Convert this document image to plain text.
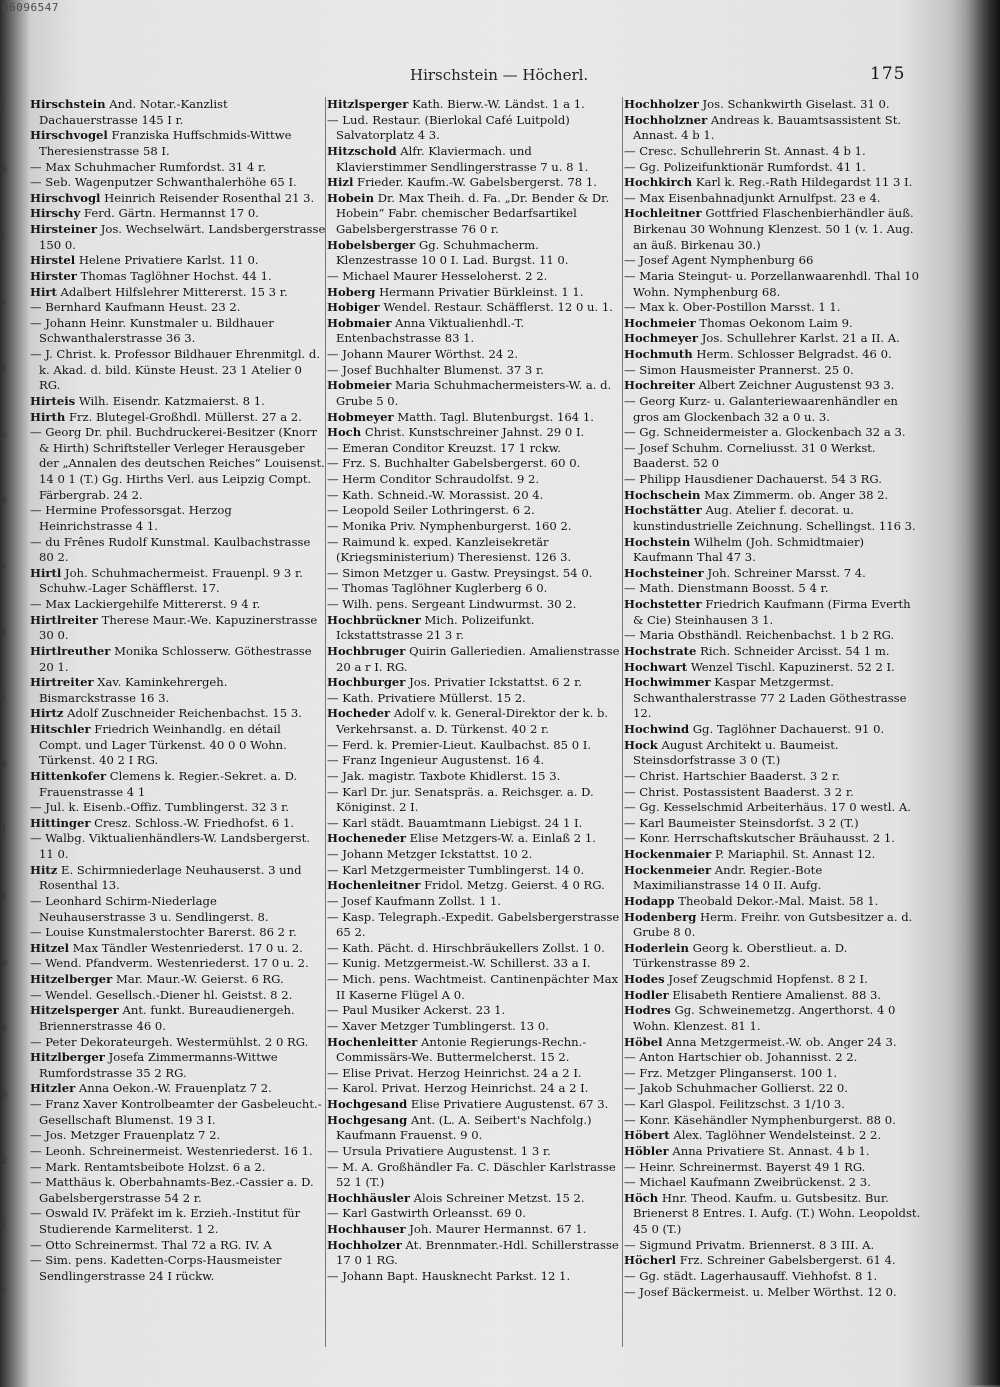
06096547
Hirschstein — Höcherl.	175
(
8
i
v
1
u
8
v
1
1
8
1
1
p
8
8
2
1
7

Hirschstein And. Notar.-Kanzlist Dachauerstrasse 145 I r.

Hirschvogel Franziska Huffschmids-Wittwe Theresienstrasse 58 I.

— Max Schuhmacher Rumfordst. 31 4 r.

— Seb. Wagenputzer Schwanthalerhöhe 65 I.

Hirschvogl Heinrich Reisender Rosenthal 21 3.

Hirschy Ferd. Gärtn. Hermannst 17 0.

Hirsteiner Jos. Wechselwärt. Landsbergerstrasse 150 0.

Hirstel Helene Privatiere Karlst. 11 0.

Hirster Thomas Taglöhner Hochst. 44 1.

Hirt Adalbert Hilfslehrer Mittererst. 15 3 r.

— Bernhard Kaufmann Heust. 23 2.

— Johann Heinr. Kunstmaler u. Bildhauer Schwanthalerstrasse 36 3.

— J. Christ. k. Professor Bildhauer Ehrenmitgl. d. k. Akad. d. bild. Künste Heust. 23 1 Atelier 0 RG.

Hirteis Wilh. Eisendr. Katzmaierst. 8 1.

Hirth Frz. Blutegel-Großhdl. Müllerst. 27 a 2.

— Georg Dr. phil. Buchdruckerei-Besitzer (Knorr & Hirth) Schriftsteller Verleger Herausgeber der „Annalen des deutschen Reiches“ Louisenst. 14 0 1 (T.) Gg. Hirths Verl. aus Leipzig Compt. Färbergrab. 24 2.

— Hermine Professorsgat. Herzog Heinrichstrasse 4 1.

— du Frênes Rudolf Kunstmal. Kaulbachstrasse 80 2.

Hirtl Joh. Schuhmachermeist. Frauenpl. 9 3 r. Schuhw.-Lager Schäfflerst. 17.

— Max Lackiergehilfe Mittererst. 9 4 r.

Hirtlreiter Therese Maur.-We. Kapuzinerstrasse 30 0.

Hirtlreuther Monika Schlosserw. Göthestrasse 20 1.

Hirtreiter Xav. Kaminkehrergeh. Bismarckstrasse 16 3.

Hirtz Adolf Zuschneider Reichenbachst. 15 3.

Hitschler Friedrich Weinhandlg. en détail Compt. und Lager Türkenst. 40 0 0 Wohn. Türkenst. 40 2 I RG.

Hittenkofer Clemens k. Regier.-Sekret. a. D. Frauenstrasse 4 1

— Jul. k. Eisenb.-Offiz. Tumblingerst. 32 3 r.

Hittinger Cresz. Schloss.-W. Friedhofst. 6 1.

— Walbg. Viktualienhändlers-W. Landsbergerst. 11 0.

Hitz E. Schirmniederlage Neuhauserst. 3 und Rosenthal 13.

— Leonhard Schirm-Niederlage Neuhauserstrasse 3 u. Sendlingerst. 8.

— Louise Kunstmalerstochter Barerst. 86 2 r.

Hitzel Max Tändler Westenriederst. 17 0 u. 2.

— Wend. Pfandverm. Westenriederst. 17 0 u. 2.

Hitzelberger Mar. Maur.-W. Geierst. 6 RG.

— Wendel. Gesellsch.-Diener hl. Geistst. 8 2.

Hitzelsperger Ant. funkt. Bureaudienergeh. Briennerstrasse 46 0.

— Peter Dekorateurgeh. Westermühlst. 2 0 RG.

Hitzlberger Josefa Zimmermanns-Wittwe Rumfordstrasse 35 2 RG.

Hitzler Anna Oekon.-W. Frauenplatz 7 2.

— Franz Xaver Kontrolbeamter der Gasbeleucht.-Gesellschaft Blumenst. 19 3 I.

— Jos. Metzger Frauenplatz 7 2.

— Leonh. Schreinermeist. Westenriederst. 16 1.

— Mark. Rentamtsbeibote Holzst. 6 a 2.

— Matthäus k. Oberbahnamts-Bez.-Cassier a. D. Gabelsbergerstrasse 54 2 r.

— Oswald IV. Präfekt im k. Erzieh.-Institut für Studierende Karmeliterst. 1 2.

— Otto Schreinermst. Thal 72 a RG. IV. A

— Sim. pens. Kadetten-Corps-Hausmeister Sendlingerstrasse 24 I rückw.

Hitzlsperger Kath. Bierw.-W. Ländst. 1 a 1.

— Lud. Restaur. (Bierlokal Café Luitpold) Salvatorplatz 4 3.

Hitzschold Alfr. Klaviermach. und Klavierstimmer Sendlingerstrasse 7 u. 8 1.

Hizl Frieder. Kaufm.-W. Gabelsbergerst. 78 1.

Hobein Dr. Max Theih. d. Fa. „Dr. Bender & Dr. Hobein“ Fabr. chemischer Bedarfsartikel Gabelsbergerstrasse 76 0 r.

Hobelsberger Gg. Schuhmacherm. Klenzestrasse 10 0 I. Lad. Burgst. 11 0.

— Michael Maurer Hesseloherst. 2 2.

Hoberg Hermann Privatier Bürkleinst. 1 1.

Hobiger Wendel. Restaur. Schäfflerst. 12 0 u. 1.

Hobmaier Anna Viktualienhdl.-T. Entenbachstrasse 83 1.

— Johann Maurer Wörthst. 24 2.

— Josef Buchhalter Blumenst. 37 3 r.

Hobmeier Maria Schuhmachermeisters-W. a. d. Grube 5 0.

Hobmeyer Matth. Tagl. Blutenburgst. 164 1.

Hoch Christ. Kunstschreiner Jahnst. 29 0 I.

— Emeran Conditor Kreuzst. 17 1 rckw.

— Frz. S. Buchhalter Gabelsbergerst. 60 0.

— Herm Conditor Schraudolfst. 9 2.

— Kath. Schneid.-W. Morassist. 20 4.

— Leopold Seiler Lothringerst. 6 2.

— Monika Priv. Nymphenburgerst. 160 2.

— Raimund k. exped. Kanzleisekretär (Kriegsministerium) Theresienst. 126 3.

— Simon Metzger u. Gastw. Preysingst. 54 0.

— Thomas Taglöhner Kuglerberg 6 0.

— Wilh. pens. Sergeant Lindwurmst. 30 2.

Hochbrückner Mich. Polizeifunkt. Ickstattstrasse 21 3 r.

Hochbruger Quirin Galleriedien. Amalienstrasse 20 a r I. RG.

Hochburger Jos. Privatier Ickstattst. 6 2 r.

— Kath. Privatiere Müllerst. 15 2.

Hocheder Adolf v. k. General-Direktor der k. b. Verkehrsanst. a. D. Türkenst. 40 2 r.

— Ferd. k. Premier-Lieut. Kaulbachst. 85 0 I.

— Franz Ingenieur Augustenst. 16 4.

— Jak. magistr. Taxbote Khidlerst. 15 3.

— Karl Dr. jur. Senatspräs. a. Reichsger. a. D. Königinst. 2 I.

— Karl städt. Bauamtmann Liebigst. 24 1 I.

Hocheneder Elise Metzgers-W. a. Einlaß 2 1.

— Johann Metzger Ickstattst. 10 2.

— Karl Metzgermeister Tumblingerst. 14 0.

Hochenleitner Fridol. Metzg. Geierst. 4 0 RG.

— Josef Kaufmann Zollst. 1 1.

— Kasp. Telegraph.-Expedit. Gabelsbergerstrasse 65 2.

— Kath. Pächt. d. Hirschbräukellers Zollst. 1 0.

— Kunig. Metzgermeist.-W. Schillerst. 33 a I.

— Mich. pens. Wachtmeist. Cantinenpächter Max II Kaserne Flügel A 0.

— Paul Musiker Ackerst. 23 1.

— Xaver Metzger Tumblingerst. 13 0.

Hochenleitter Antonie Regierungs-Rechn.-Commissärs-We. Buttermelcherst. 15 2.

— Elise Privat. Herzog Heinrichst. 24 a 2 I.

— Karol. Privat. Herzog Heinrichst. 24 a 2 I.

Hochgesand Elise Privatiere Augustenst. 67 3.

Hochgesang Ant. (L. A. Seibert's Nachfolg.) Kaufmann Frauenst. 9 0.

— Ursula Privatiere Augustenst. 1 3 r.

— M. A. Großhändler Fa. C. Däschler Karlstrasse 52 1 (T.)

Hochhäusler Alois Schreiner Metzst. 15 2.

— Karl Gastwirth Orleansst. 69 0.

Hochhauser Joh. Maurer Hermannst. 67 1.

Hochholzer At. Brennmater.-Hdl. Schillerstrasse 17 0 1 RG.

— Johann Bapt. Hausknecht Parkst. 12 1.

Hochholzer Jos. Schankwirth Giselast. 31 0.

Hochholzner Andreas k. Bauamtsassistent St. Annast. 4 b 1.

— Cresc. Schullehrerin St. Annast. 4 b 1.

— Gg. Polizeifunktionär Rumfordst. 41 1.

Hochkirch Karl k. Reg.-Rath Hildegardst 11 3 I.

— Max Eisenbahnadjunkt Arnulfpst. 23 e 4.

Hochleitner Gottfried Flaschenbierhändler äuß. Birkenau 30 Wohnung Klenzest. 50 1 (v. 1. Aug. an äuß. Birkenau 30.)

— Josef Agent Nymphenburg 66

— Maria Steingut- u. Porzellanwaarenhdl. Thal 10 Wohn. Nymphenburg 68.

— Max k. Ober-Postillon Marsst. 1 1.

Hochmeier Thomas Oekonom Laim 9.

Hochmeyer Jos. Schullehrer Karlst. 21 a II. A.

Hochmuth Herm. Schlosser Belgradst. 46 0.

— Simon Hausmeister Prannerst. 25 0.

Hochreiter Albert Zeichner Augustenst 93 3.

— Georg Kurz- u. Galanteriewaarenhändler en gros am Glockenbach 32 a 0 u. 3.

— Gg. Schneidermeister a. Glockenbach 32 a 3.

— Josef Schuhm. Corneliusst. 31 0 Werkst. Baaderst. 52 0

— Philipp Hausdiener Dachauerst. 54 3 RG.

Hochschein Max Zimmerm. ob. Anger 38 2.

Hochstätter Aug. Atelier f. decorat. u. kunstindustrielle Zeichnung. Schellingst. 116 3.

Hochstein Wilhelm (Joh. Schmidtmaier) Kaufmann Thal 47 3.

Hochsteiner Joh. Schreiner Marsst. 7 4.

— Math. Dienstmann Boosst. 5 4 r.

Hochstetter Friedrich Kaufmann (Firma Everth & Cie) Steinhausen 3 1.

— Maria Obsthändl. Reichenbachst. 1 b 2 RG.

Hochstrate Rich. Schneider Arcisst. 54 1 m.

Hochwart Wenzel Tischl. Kapuzinerst. 52 2 I.

Hochwimmer Kaspar Metzgermst. Schwanthalerstrasse 77 2 Laden Göthestrasse 12.

Hochwind Gg. Taglöhner Dachauerst. 91 0.

Hock August Architekt u. Baumeist. Steinsdorfstrasse 3 0 (T.)

— Christ. Hartschier Baaderst. 3 2 r.

— Christ. Postassistent Baaderst. 3 2 r.

— Gg. Kesselschmid Arbeiterhäus. 17 0 westl. A.

— Karl Baumeister Steinsdorfst. 3 2 (T.)

— Konr. Herrschaftskutscher Bräuhausst. 2 1.

Hockenmaier P. Mariaphil. St. Annast 12.

Hockenmeier Andr. Regier.-Bote Maximilianstrasse 14 0 II. Aufg.

Hodapp Theobald Dekor.-Mal. Maist. 58 1.

Hodenberg Herm. Freihr. von Gutsbesitzer a. d. Grube 8 0.

Hoderlein Georg k. Oberstlieut. a. D. Türkenstrasse 89 2.

Hodes Josef Zeugschmid Hopfenst. 8 2 I.

Hodler Elisabeth Rentiere Amalienst. 88 3.

Hodres Gg. Schweinemetzg. Angerthorst. 4 0 Wohn. Klenzest. 81 1.

Höbel Anna Metzgermeist.-W. ob. Anger 24 3.

— Anton Hartschier ob. Johannisst. 2 2.

— Frz. Metzger Plinganserst. 100 1.

— Jakob Schuhmacher Gollierst. 22 0.

— Karl Glaspol. Feilitzschst. 3 1/10 3.

— Konr. Käsehändler Nymphenburgerst. 88 0.

Höbert Alex. Taglöhner Wendelsteinst. 2 2.

Höbler Anna Privatiere St. Annast. 4 b 1.

— Heinr. Schreinermst. Bayerst 49 1 RG.

— Michael Kaufmann Zweibrückenst. 2 3.

Höch Hnr. Theod. Kaufm. u. Gutsbesitz. Bur. Brienerst 8 Entres. I. Aufg. (T.) Wohn. Leopoldst. 45 0 (T.)

— Sigmund Privatm. Briennerst. 8 3 III. A.

Höcherl Frz. Schreiner Gabelsbergerst. 61 4.

— Gg. städt. Lagerhausauff. Viehhofst. 8 1.

— Josef Bäckermeist. u. Melber Wörthst. 12 0.
